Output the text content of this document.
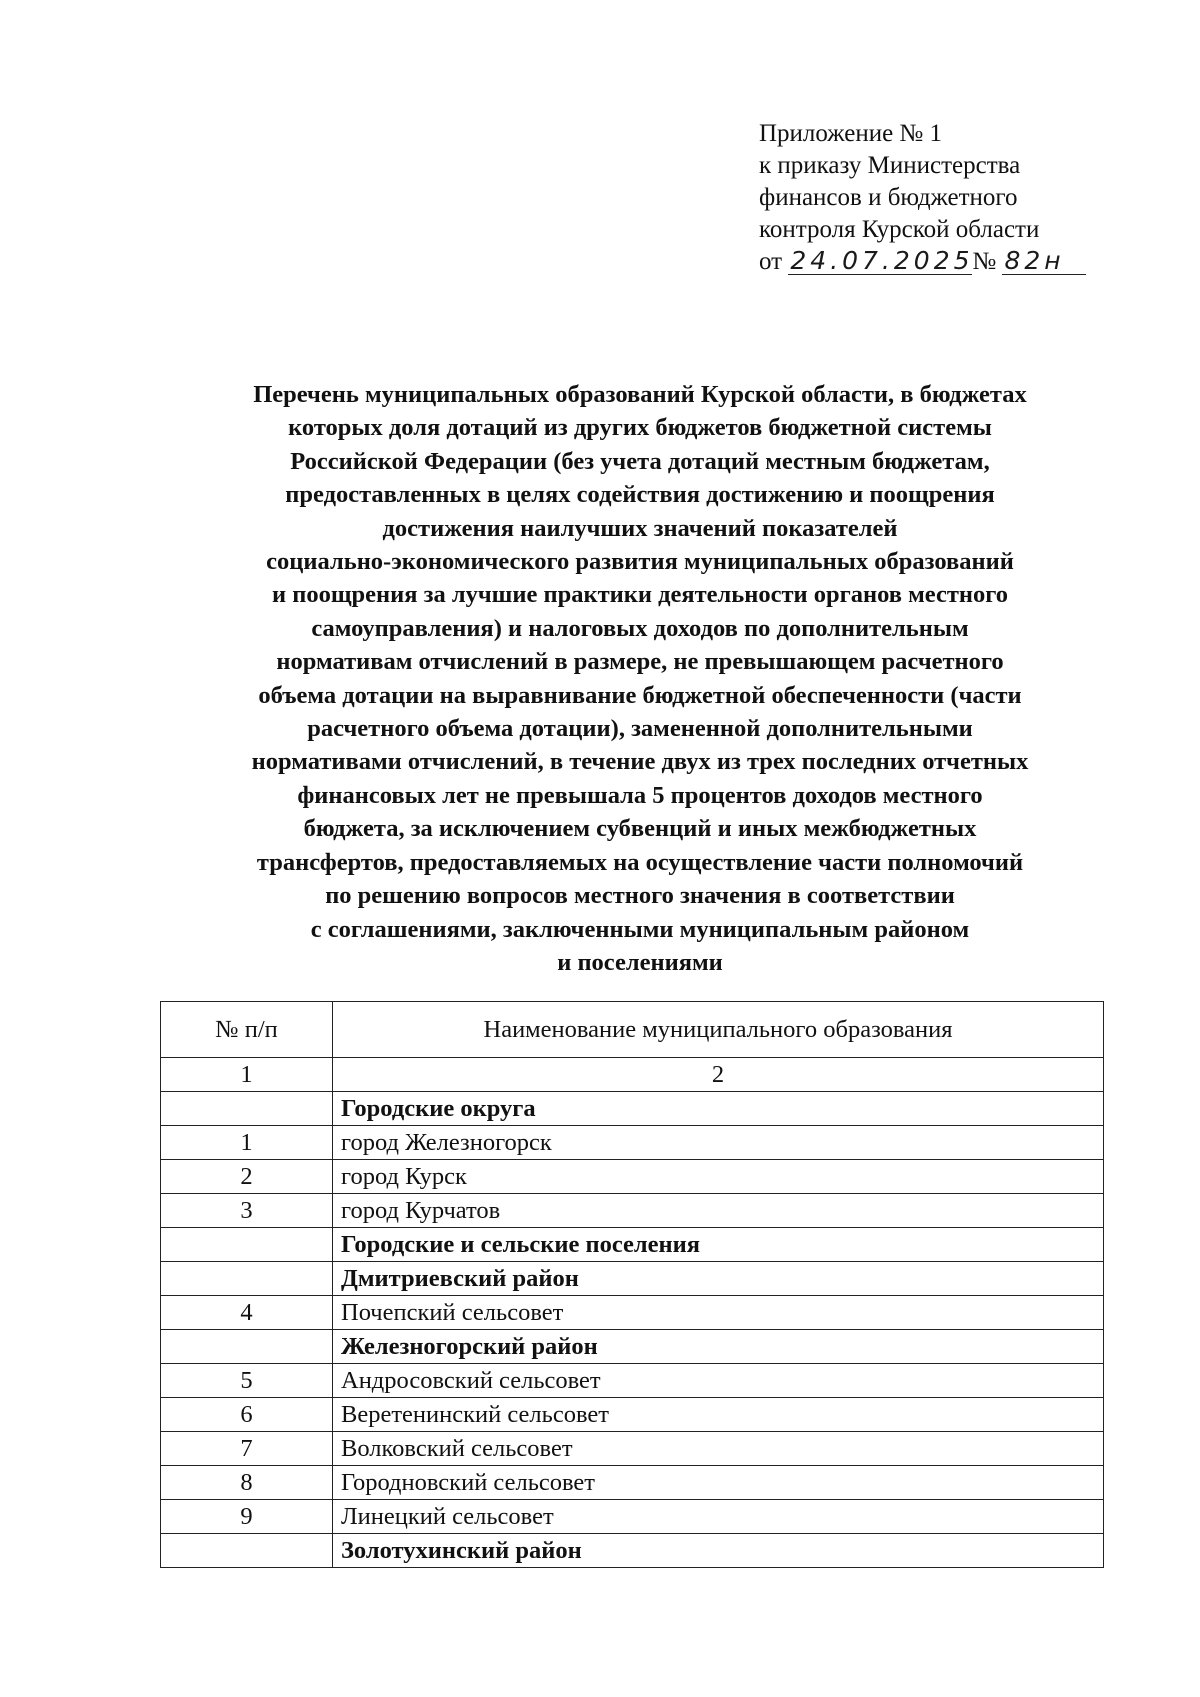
Приложение № 1
к приказу Министерства
финансов и бюджетного
контроля Курской области
от 24.07.2025№ 82н
Перечень муниципальных образований Курской области, в бюджетах
которых доля дотаций из других бюджетов бюджетной системы
Российской Федерации (без учета дотаций местным бюджетам,
предоставленных в целях содействия достижению и поощрения
достижения наилучших значений показателей
социально-экономического развития муниципальных образований
и поощрения за лучшие практики деятельности органов местного
самоуправления) и налоговых доходов по дополнительным
нормативам отчислений в размере, не превышающем расчетного
объема дотации на выравнивание бюджетной обеспеченности (части
расчетного объема дотации), замененной дополнительными
нормативами отчислений, в течение двух из трех последних отчетных
финансовых лет не превышала 5 процентов доходов местного
бюджета, за исключением субвенций и иных межбюджетных
трансфертов, предоставляемых на осуществление части полномочий
по решению вопросов местного значения в соответствии
с соглашениями, заключенными муниципальным районом
и поселениями
№ п/п	Наименование муниципального образования
1	2
	Городские округа
1	город Железногорск
2	город Курск
3	город Курчатов
	Городские и сельские поселения
	Дмитриевский район
4	Почепский сельсовет
	Железногорский район
5	Андросовский сельсовет
6	Веретенинский сельсовет
7	Волковский сельсовет
8	Городновский сельсовет
9	Линецкий сельсовет
	Золотухинский район
